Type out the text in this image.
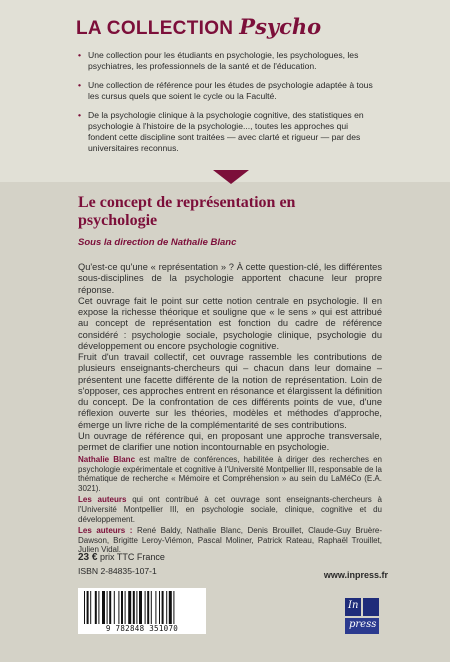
LA COLLECTION Psycho
• Une collection pour les étudiants en psychologie, les psychologues, les psychiatres, les professionnels de la santé et de l'éducation.
• Une collection de référence pour les études de psychologie adaptée à tous les cursus quels que soient le cycle ou la Faculté.
• De la psychologie clinique à la psychologie cognitive, des statistiques en psychologie à l'histoire de la psychologie..., toutes les approches qui fondent cette discipline sont traitées — avec clarté et rigueur — par des universitaires reconnus.
Le concept de représentation en psychologie

Sous la direction de Nathalie Blanc

Qu'est-ce qu'une « représentation » ? À cette question-clé, les différentes sous-disciplines de la psychologie apportent chacune leur propre réponse.

Cet ouvrage fait le point sur cette notion centrale en psychologie. Il en expose la richesse théorique et souligne que « le sens » qui est attribué au concept de représentation est fonction du cadre de référence considéré : psychologie sociale, psychologie clinique, psychologie du développement ou encore psychologie cognitive.

Fruit d'un travail collectif, cet ouvrage rassemble les contributions de plusieurs enseignants-chercheurs qui – chacun dans leur domaine – présentent une facette différente de la notion de représentation. Loin de s'opposer, ces approches entrent en résonance et élargissent la définition du concept. De la confrontation de ces différents points de vue, d'une réflexion ouverte sur les théories, modèles et méthodes d'approche, émerge un livre riche de la complémentarité de ses contributions.

Un ouvrage de référence qui, en proposant une approche transversale, permet de clarifier une notion incontournable en psychologie.

Nathalie Blanc est maître de conférences, habilitée à diriger des recherches en psychologie expérimentale et cognitive à l'Université Montpellier III, responsable de la thématique de recherche « Mémoire et Compréhension » au sein du LaMéCo (E.A. 3021).

Les auteurs qui ont contribué à cet ouvrage sont enseignants-chercheurs à l'Université Montpellier III, en psychologie sociale, clinique, cognitive et du développement.

Les auteurs : René Baldy, Nathalie Blanc, Denis Brouillet, Claude-Guy Bruère-Dawson, Brigitte Leroy-Viémon, Pascal Moliner, Patrick Rateau, Raphaël Trouillet, Julien Vidal.

23 € prix TTC France
ISBN 2-84835-107-1	www.inpress.fr
9 782848 351070
In
press
